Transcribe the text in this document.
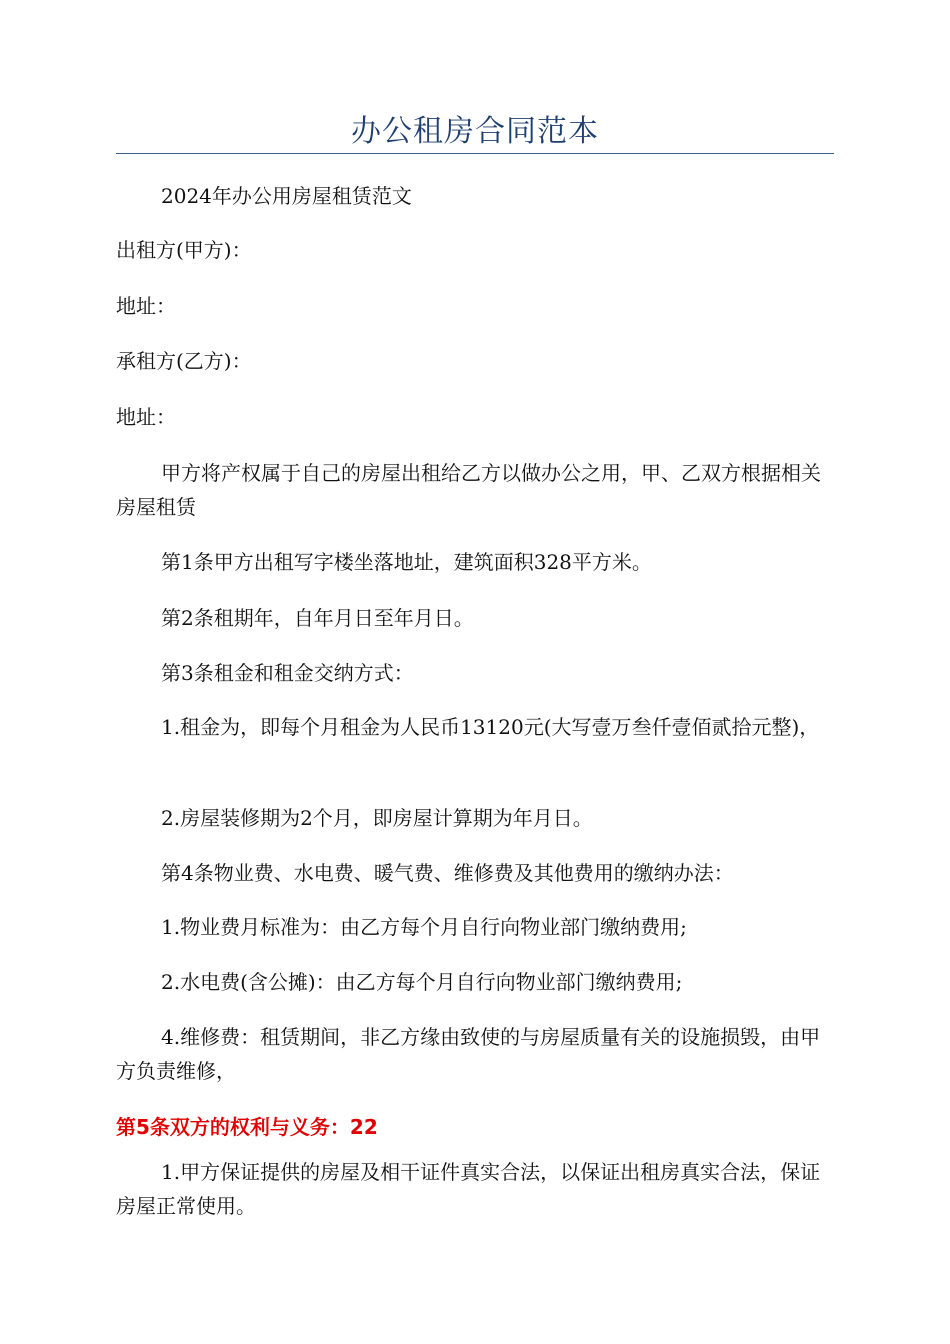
办公租房合同范本

2024年办公用房屋租赁范文

出租方(甲方)：

地址：

承租方(乙方)：

地址：

甲方将产权属于自己的房屋出租给乙方以做办公之用，甲、乙双方根据相关房屋租赁

第1条甲方出租写字楼坐落地址，建筑面积328平方米。

第2条租期年，自年月日至年月日。

第3条租金和租金交纳方式：

1.租金为，即每个月租金为人民币13120元(大写壹万叁仟壹佰贰拾元整)，

2.房屋装修期为2个月，即房屋计算期为年月日。

第4条物业费、水电费、暖气费、维修费及其他费用的缴纳办法：

1.物业费月标准为：由乙方每个月自行向物业部门缴纳费用;

2.水电费(含公摊)：由乙方每个月自行向物业部门缴纳费用;

4.维修费：租赁期间，非乙方缘由致使的与房屋质量有关的设施损毁，由甲方负责维修，

第5条双方的权利与义务：22

1.甲方保证提供的房屋及相干证件真实合法，以保证出租房真实合法，保证房屋正常使用。
